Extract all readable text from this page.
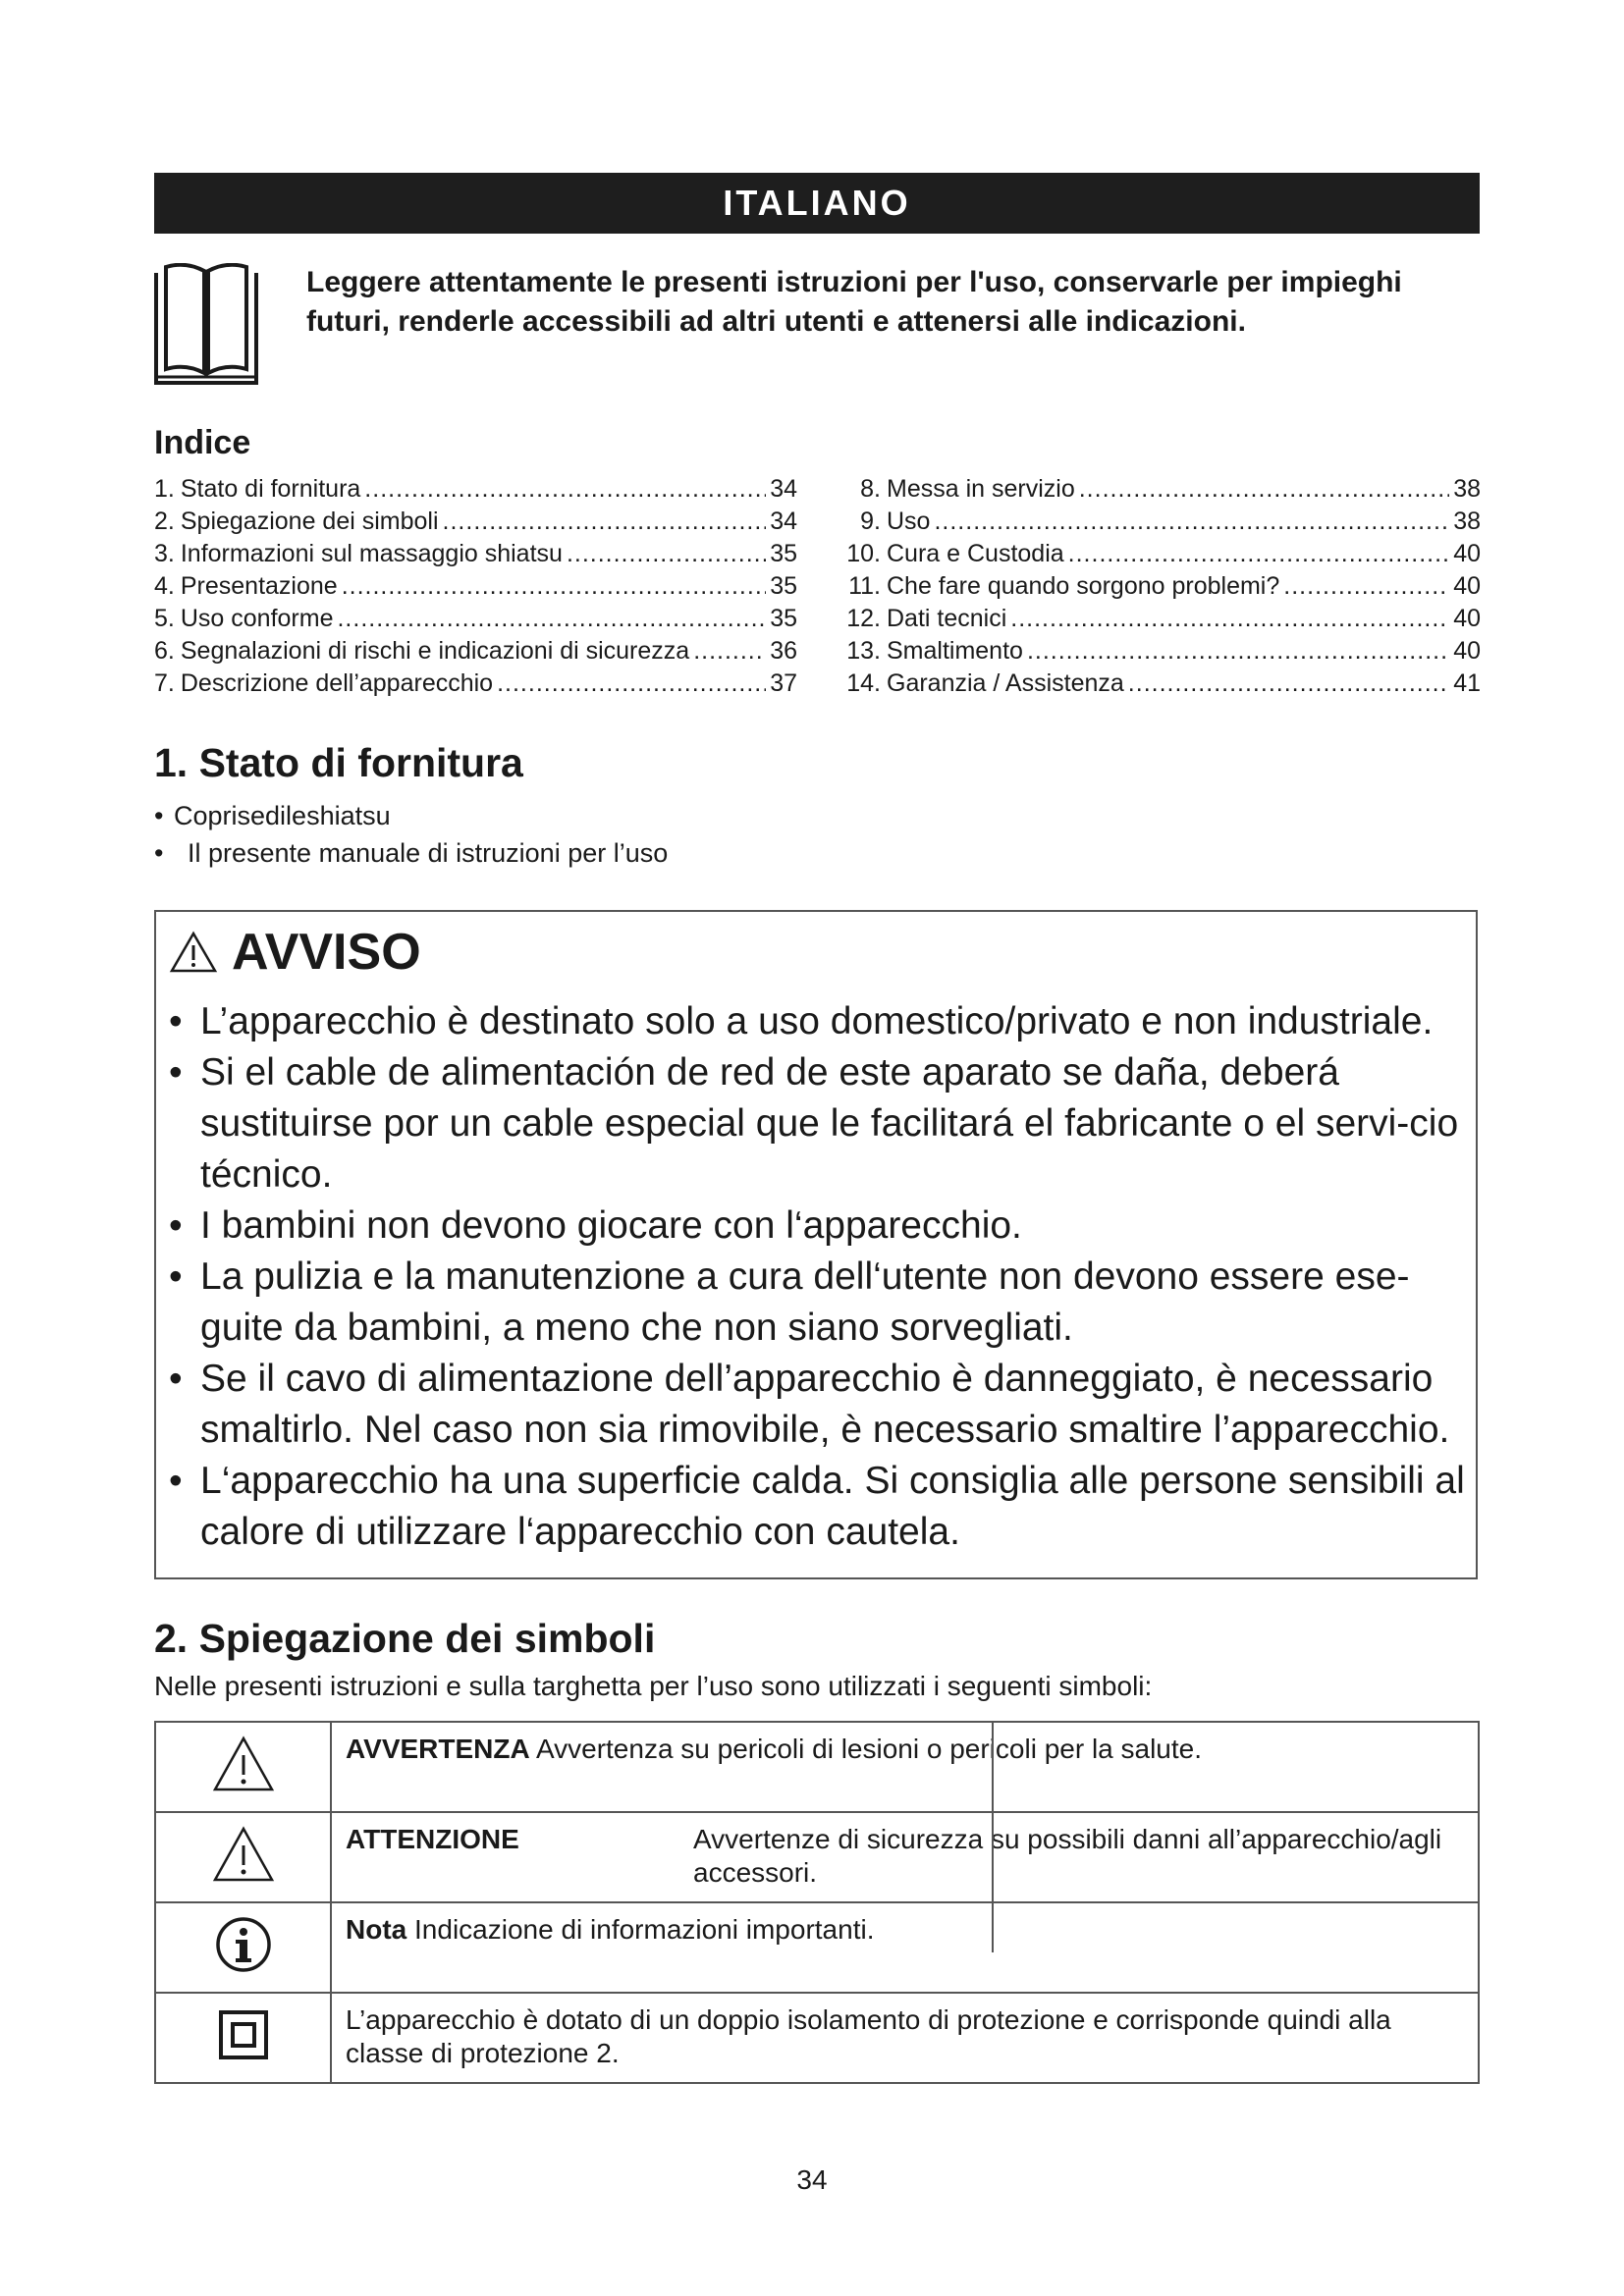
ITALIANO
Leggere attentamente le presenti istruzioni per l'uso, conservarle per impieghi futuri, renderle accessibili ad altri utenti e attenersi alle indicazioni.
Indice
1. Stato di fornitura .....	34
2. Spiegazione dei simboli .....	34
3. Informazioni sul massaggio shiatsu .....	35
4. Presentazione .....	35
5. Uso conforme .....	35
6. Segnalazioni di rischi e indicazioni di sicurezza .....	36
7. Descrizione dell’apparecchio .....	37
8. Messa in servizio .....	38
9. Uso .....	38
10. Cura e Custodia .....	40
11. Che fare quando sorgono problemi? .....	40
12. Dati tecnici .....	40
13. Smaltimento .....	40
14. Garanzia / Assistenza .....	41
1. Stato di fornitura
• Coprisedileshiatsu
• Il presente manuale di istruzioni per l’uso
AVVISO
• L’apparecchio è destinato solo a uso domestico/privato e non industriale.
• Si el cable de alimentación de red de este aparato se daña, deberá sustituirse por un cable especial que le facilitará el fabricante o el servi-cio técnico.
• I bambini non devono giocare con l‘apparecchio.
• La pulizia e la manutenzione a cura dell‘utente non devono essere ese-guite da bambini, a meno che non siano sorvegliati.
• Se il cavo di alimentazione dell’apparecchio è danneggiato, è necessario smaltirlo. Nel caso non sia rimovibile, è necessario smaltire l’apparecchio.
• L‘apparecchio ha una superficie calda. Si consiglia alle persone sensibili al calore di utilizzare l‘apparecchio con cautela.
2. Spiegazione dei simboli
Nelle presenti istruzioni e sulla targhetta per l’uso sono utilizzati i seguenti simboli:

AVVERTENZA Avvertenza su pericoli di lesioni o pericoli per la salute.

ATTENZIONE Avvertenze di sicurezza su possibili danni all’apparecchio/agli accessori.

Nota Indicazione di informazioni importanti.
	L’apparecchio è dotato di un doppio isolamento di protezione e corrisponde quindi alla classe di protezione 2.
34
